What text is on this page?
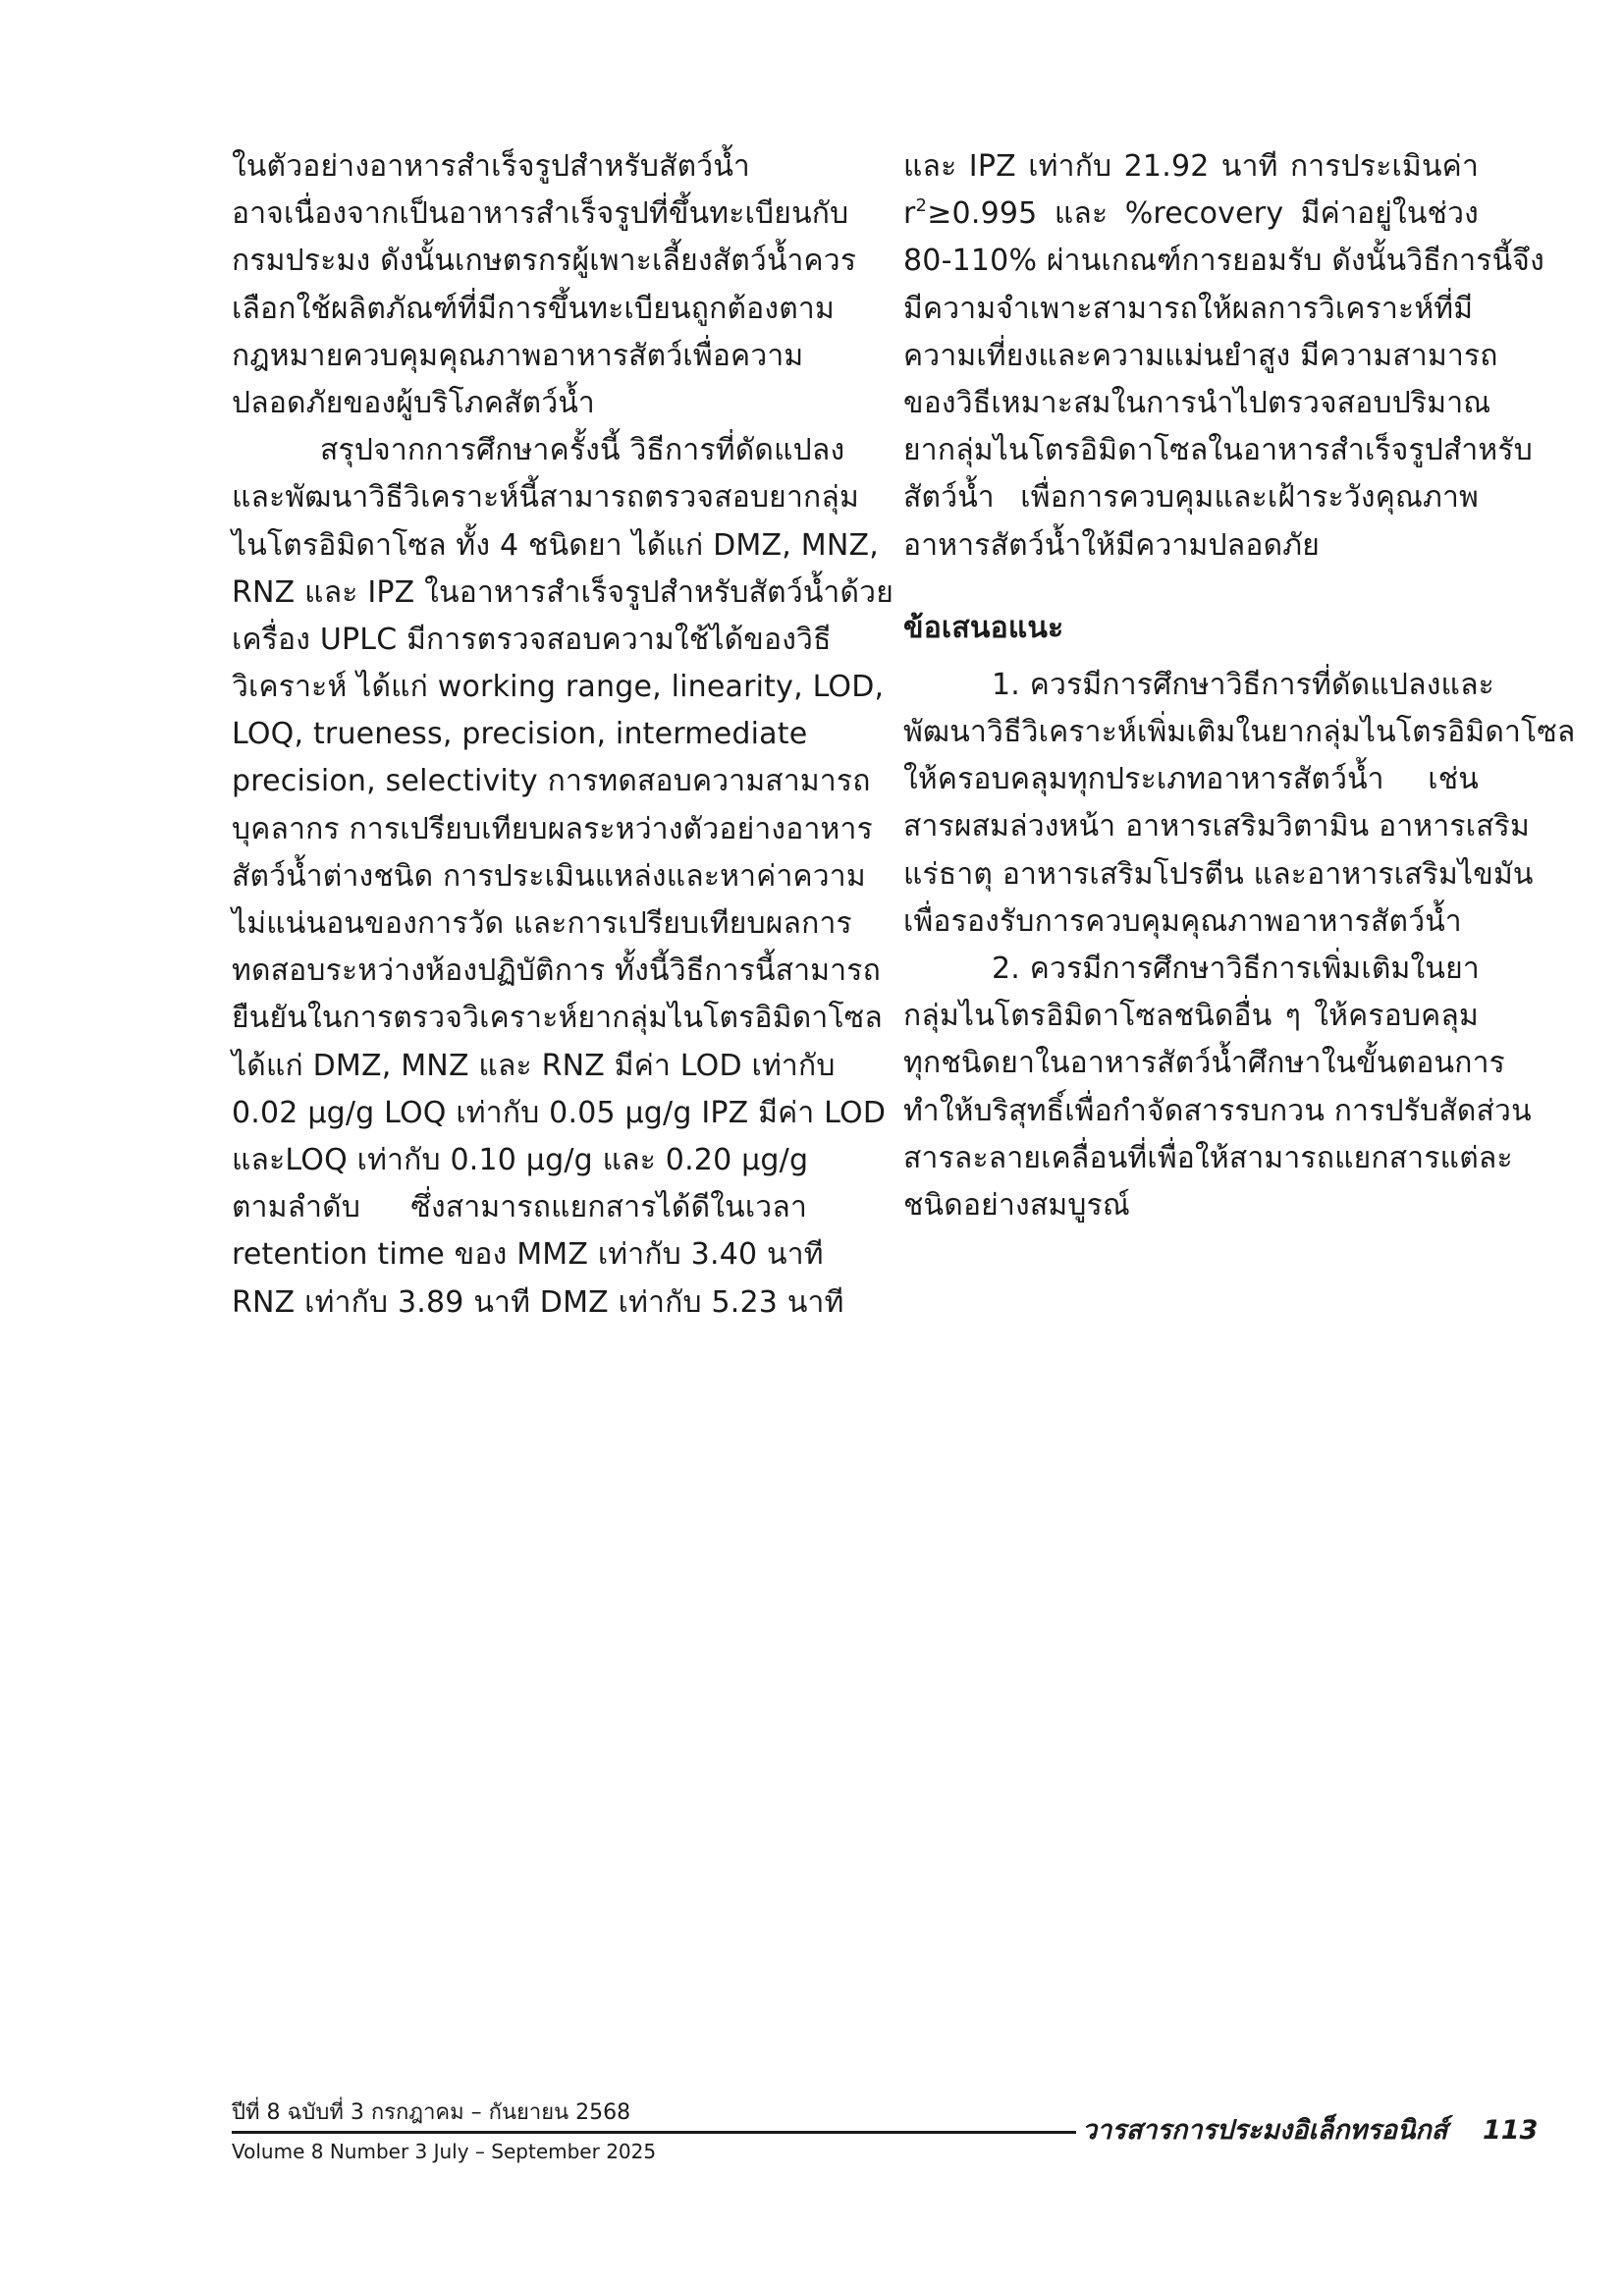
ในตัวอย่างอาหารสำเร็จรูปสำหรับสัตว์น้ำ
อาจเนื่องจากเป็นอาหารสำเร็จรูปที่ขึ้นทะเบียนกับ
กรมประมง ดังนั้นเกษตรกรผู้เพาะเลี้ยงสัตว์น้ำควร
เลือกใช้ผลิตภัณฑ์ที่มีการขึ้นทะเบียนถูกต้องตาม
กฎหมายควบคุมคุณภาพอาหารสัตว์เพื่อความ
ปลอดภัยของผู้บริโภคสัตว์น้ำ
สรุปจากการศึกษาครั้งนี้ วิธีการที่ดัดแปลง
และพัฒนาวิธีวิเคราะห์นี้สามารถตรวจสอบยากลุ่ม
ไนโตรอิมิดาโซล ทั้ง 4 ชนิดยา ได้แก่ DMZ, MNZ,
RNZ และ IPZ ในอาหารสำเร็จรูปสำหรับสัตว์น้ำด้วย
เครื่อง UPLC มีการตรวจสอบความใช้ได้ของวิธี
วิเคราะห์ ได้แก่ working range, linearity, LOD,
LOQ, trueness, precision, intermediate
precision, selectivity การทดสอบความสามารถ
บุคลากร การเปรียบเทียบผลระหว่างตัวอย่างอาหาร
สัตว์น้ำต่างชนิด การประเมินแหล่งและหาค่าความ
ไม่แน่นอนของการวัด และการเปรียบเทียบผลการ
ทดสอบระหว่างห้องปฏิบัติการ ทั้งนี้วิธีการนี้สามารถ
ยืนยันในการตรวจวิเคราะห์ยากลุ่มไนโตรอิมิดาโซล
ได้แก่ DMZ, MNZ และ RNZ มีค่า LOD เท่ากับ
0.02 µg/g LOQ เท่ากับ 0.05 µg/g IPZ มีค่า LOD
และLOQ เท่ากับ 0.10 µg/g และ 0.20 µg/g
ตามลำดับ ซึ่งสามารถแยกสารได้ดีในเวลา
retention time ของ MMZ เท่ากับ 3.40 นาที
RNZ เท่ากับ 3.89 นาที DMZ เท่ากับ 5.23 นาที
และ IPZ เท่ากับ 21.92 นาที การประเมินค่า
$r^2\ge 0.995$ และ %recovery มีค่าอยู่ในช่วง
80-110% ผ่านเกณฑ์การยอมรับ ดังนั้นวิธีการนี้จึง
มีความจำเพาะสามารถให้ผลการวิเคราะห์ที่มี
ความเที่ยงและความแม่นยำสูง มีความสามารถ
ของวิธีเหมาะสมในการนำไปตรวจสอบปริมาณ
ยากลุ่มไนโตรอิมิดาโซลในอาหารสำเร็จรูปสำหรับ
สัตว์น้ำ เพื่อการควบคุมและเฝ้าระวังคุณภาพ
อาหารสัตว์น้ำให้มีความปลอดภัย
ข้อเสนอแนะ
1. ควรมีการศึกษาวิธีการที่ดัดแปลงและ
พัฒนาวิธีวิเคราะห์เพิ่มเติมในยากลุ่มไนโตรอิมิดาโซล
ให้ครอบคลุมทุกประเภทอาหารสัตว์น้ำ เช่น
สารผสมล่วงหน้า อาหารเสริมวิตามิน อาหารเสริม
แร่ธาตุ อาหารเสริมโปรตีน และอาหารเสริมไขมัน
เพื่อรองรับการควบคุมคุณภาพอาหารสัตว์น้ำ
2. ควรมีการศึกษาวิธีการเพิ่มเติมในยา
กลุ่มไนโตรอิมิดาโซลชนิดอื่น ๆ ให้ครอบคลุม
ทุกชนิดยาในอาหารสัตว์น้ำศึกษาในขั้นตอนการ
ทำให้บริสุทธิ์เพื่อกำจัดสารรบกวน การปรับสัดส่วน
สารละลายเคลื่อนที่เพื่อให้สามารถแยกสารแต่ละ
ชนิดอย่างสมบูรณ์
ปีที่ 8 ฉบับที่ 3 กรกฎาคม – กันยายน 2568
Volume 8 Number 3 July – September 2025
วารสารการประมงอิเล็กทรอนิกส์ 113
